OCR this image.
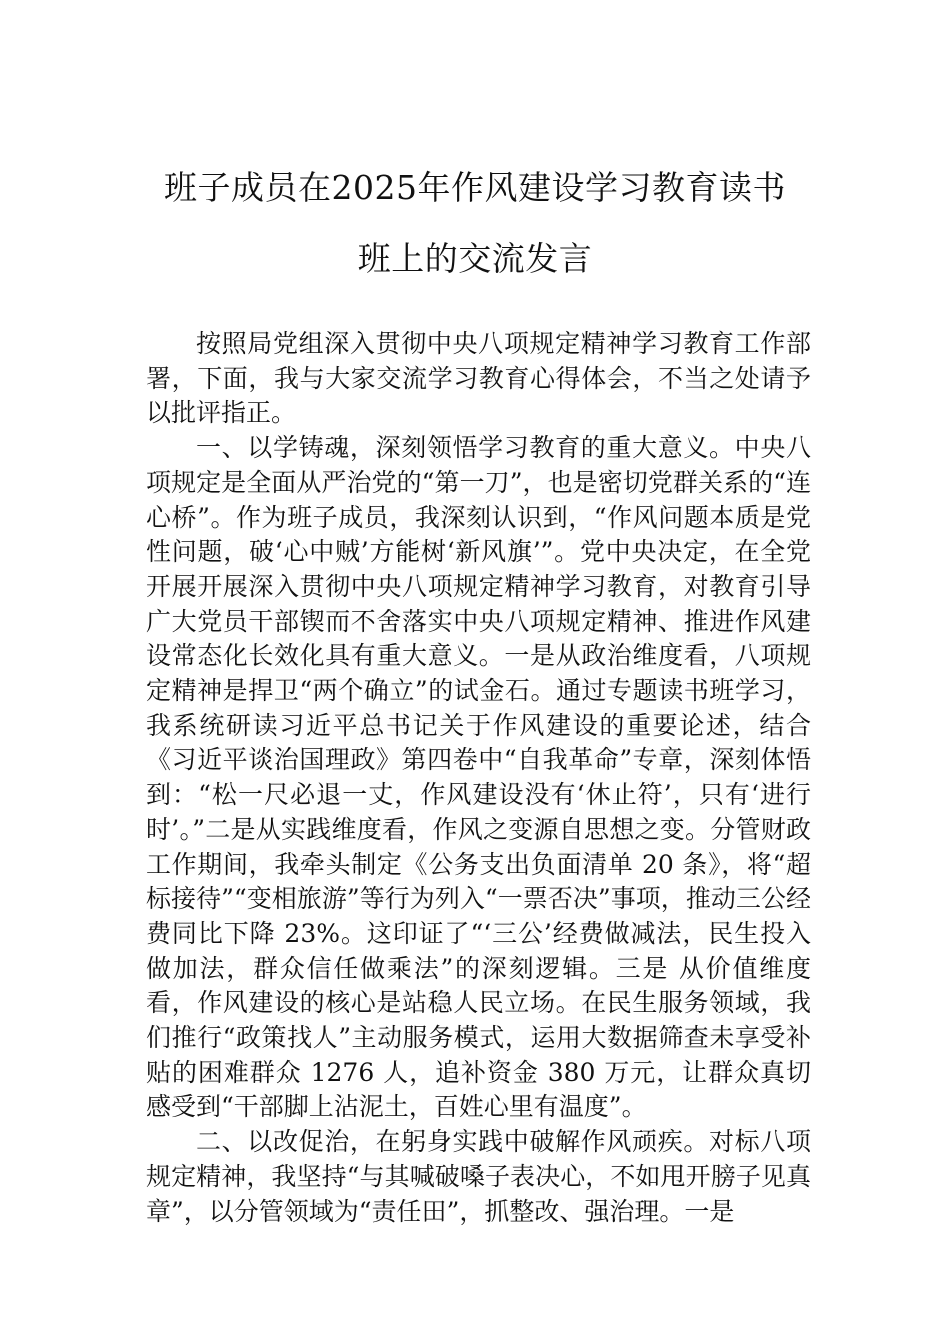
班子成员在2025年作风建设学习教育读书
班上的交流发言

按照局党组深入贯彻中央八项规定精神学习教育工作部署，下面，我与大家交流学习教育心得体会，不当之处请予以批评指正。

一、以学铸魂，深刻领悟学习教育的重大意义。中央八项规定是全面从严治党的“第一刀”，也是密切党群关系的“连心桥”。作为班子成员，我深刻认识到，“作风问题本质是党性问题，破‘心中贼’方能树‘新风旗’”。党中央决定，在全党开展开展深入贯彻中央八项规定精神学习教育，对教育引导广大党员干部锲而不舍落实中央八项规定精神、推进作风建设常态化长效化具有重大意义。一是从政治维度看，八项规定精神是捍卫“两个确立”的试金石。通过专题读书班学习，我系统研读习近平总书记关于作风建设的重要论述，结合《习近平谈治国理政》第四卷中“自我革命”专章，深刻体悟到：“松一尺必退一丈，作风建设没有‘休止符’，只有‘进行时’。”二是从实践维度看，作风之变源自思想之变。分管财政工作期间，我牵头制定《公务支出负面清单 20 条》，将“超标接待”“变相旅游”等行为列入“一票否决”事项，推动三公经费同比下降 23%。这印证了“‘三公’经费做减法，民生投入做加法，群众信任做乘法”的深刻逻辑。三是 从价值维度看，作风建设的核心是站稳人民立场。在民生服务领域，我们推行“政策找人”主动服务模式，运用大数据筛查未享受补贴的困难群众 1276 人，追补资金 380 万元，让群众真切感受到“干部脚上沾泥土，百姓心里有温度”。

二、以改促治，在躬身实践中破解作风顽疾。对标八项规定精神，我坚持“与其喊破嗓子表决心，不如甩开膀子见真章”，以分管领域为“责任田”，抓整改、强治理。一是
